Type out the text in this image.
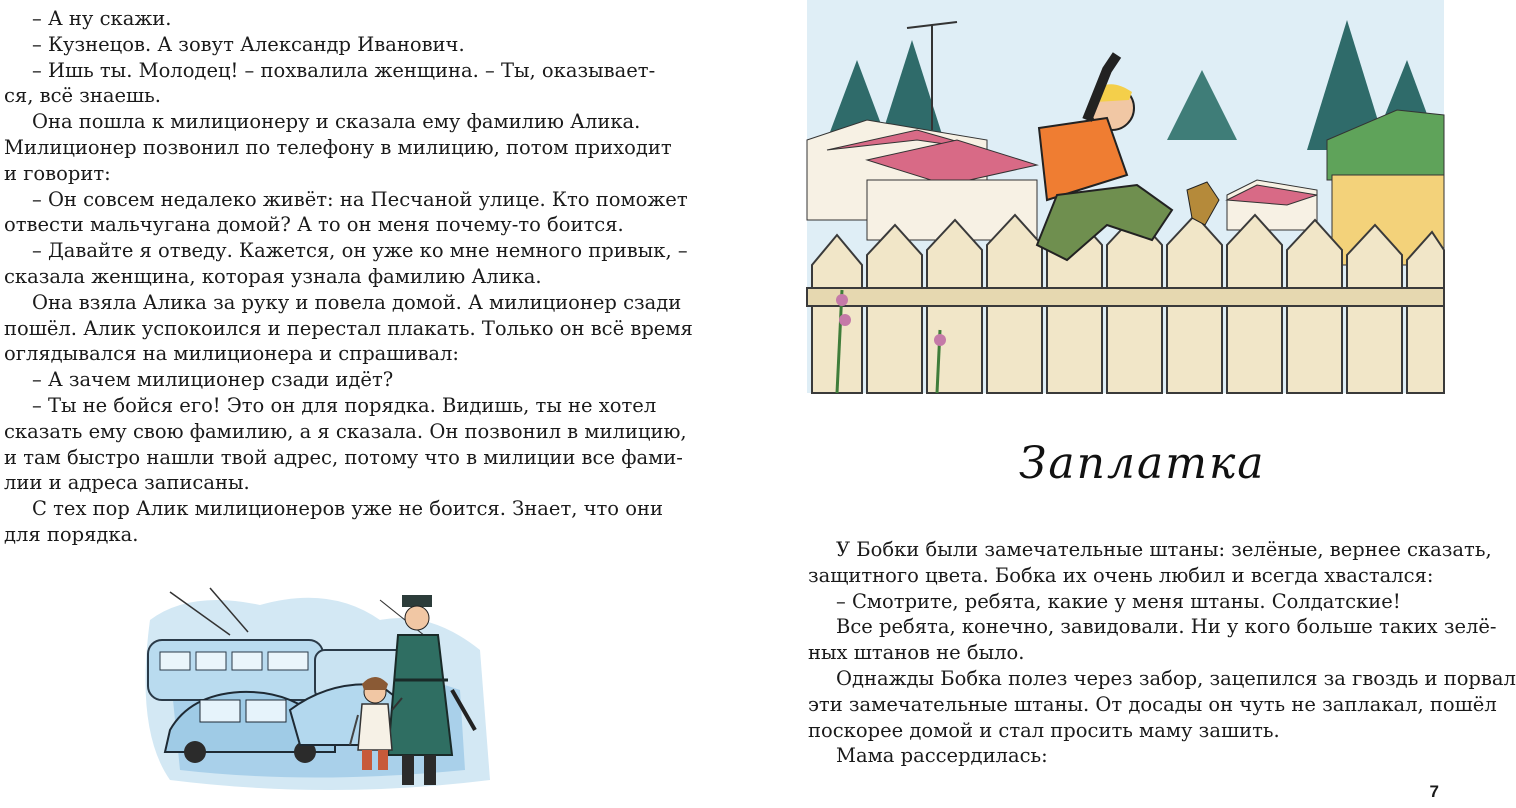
– А ну скажи.
– Кузнецов. А зовут Александр Иванович.
– Ишь ты. Молодец! – похвалила женщина. – Ты, оказывает-
ся, всё знаешь.
Она пошла к милиционеру и сказала ему фамилию Алика.
Милиционер позвонил по телефону в милицию, потом приходит
и говорит:
– Он совсем недалеко живёт: на Песчаной улице. Кто поможет
отвести мальчугана домой? А то он меня почему-то боится.
– Давайте я отведу. Кажется, он уже ко мне немного привык, –
сказала женщина, которая узнала фамилию Алика.
Она взяла Алика за руку и повела домой. А милиционер сзади
пошёл. Алик успокоился и перестал плакать. Только он всё время
оглядывался на милиционера и спрашивал:
– А зачем милиционер сзади идёт?
– Ты не бойся его! Это он для порядка. Видишь, ты не хотел
сказать ему свою фамилию, а я сказала. Он позвонил в милицию,
и там быстро нашли твой адрес, потому что в милиции все фами-
лии и адреса записаны.
С тех пор Алик милиционеров уже не боится. Знает, что они
для порядка.
Заплатка
У Бобки были замечательные штаны: зелёные, вернее сказать,
защитного цвета. Бобка их очень любил и всегда хвастался:
– Смотрите, ребята, какие у меня штаны. Солдатские!
Все ребята, конечно, завидовали. Ни у кого больше таких зелё-
ных штанов не было.
Однажды Бобка полез через забор, зацепился за гвоздь и порвал
эти замечательные штаны. От досады он чуть не заплакал, пошёл
поскорее домой и стал просить маму зашить.
Мама рассердилась:
7
